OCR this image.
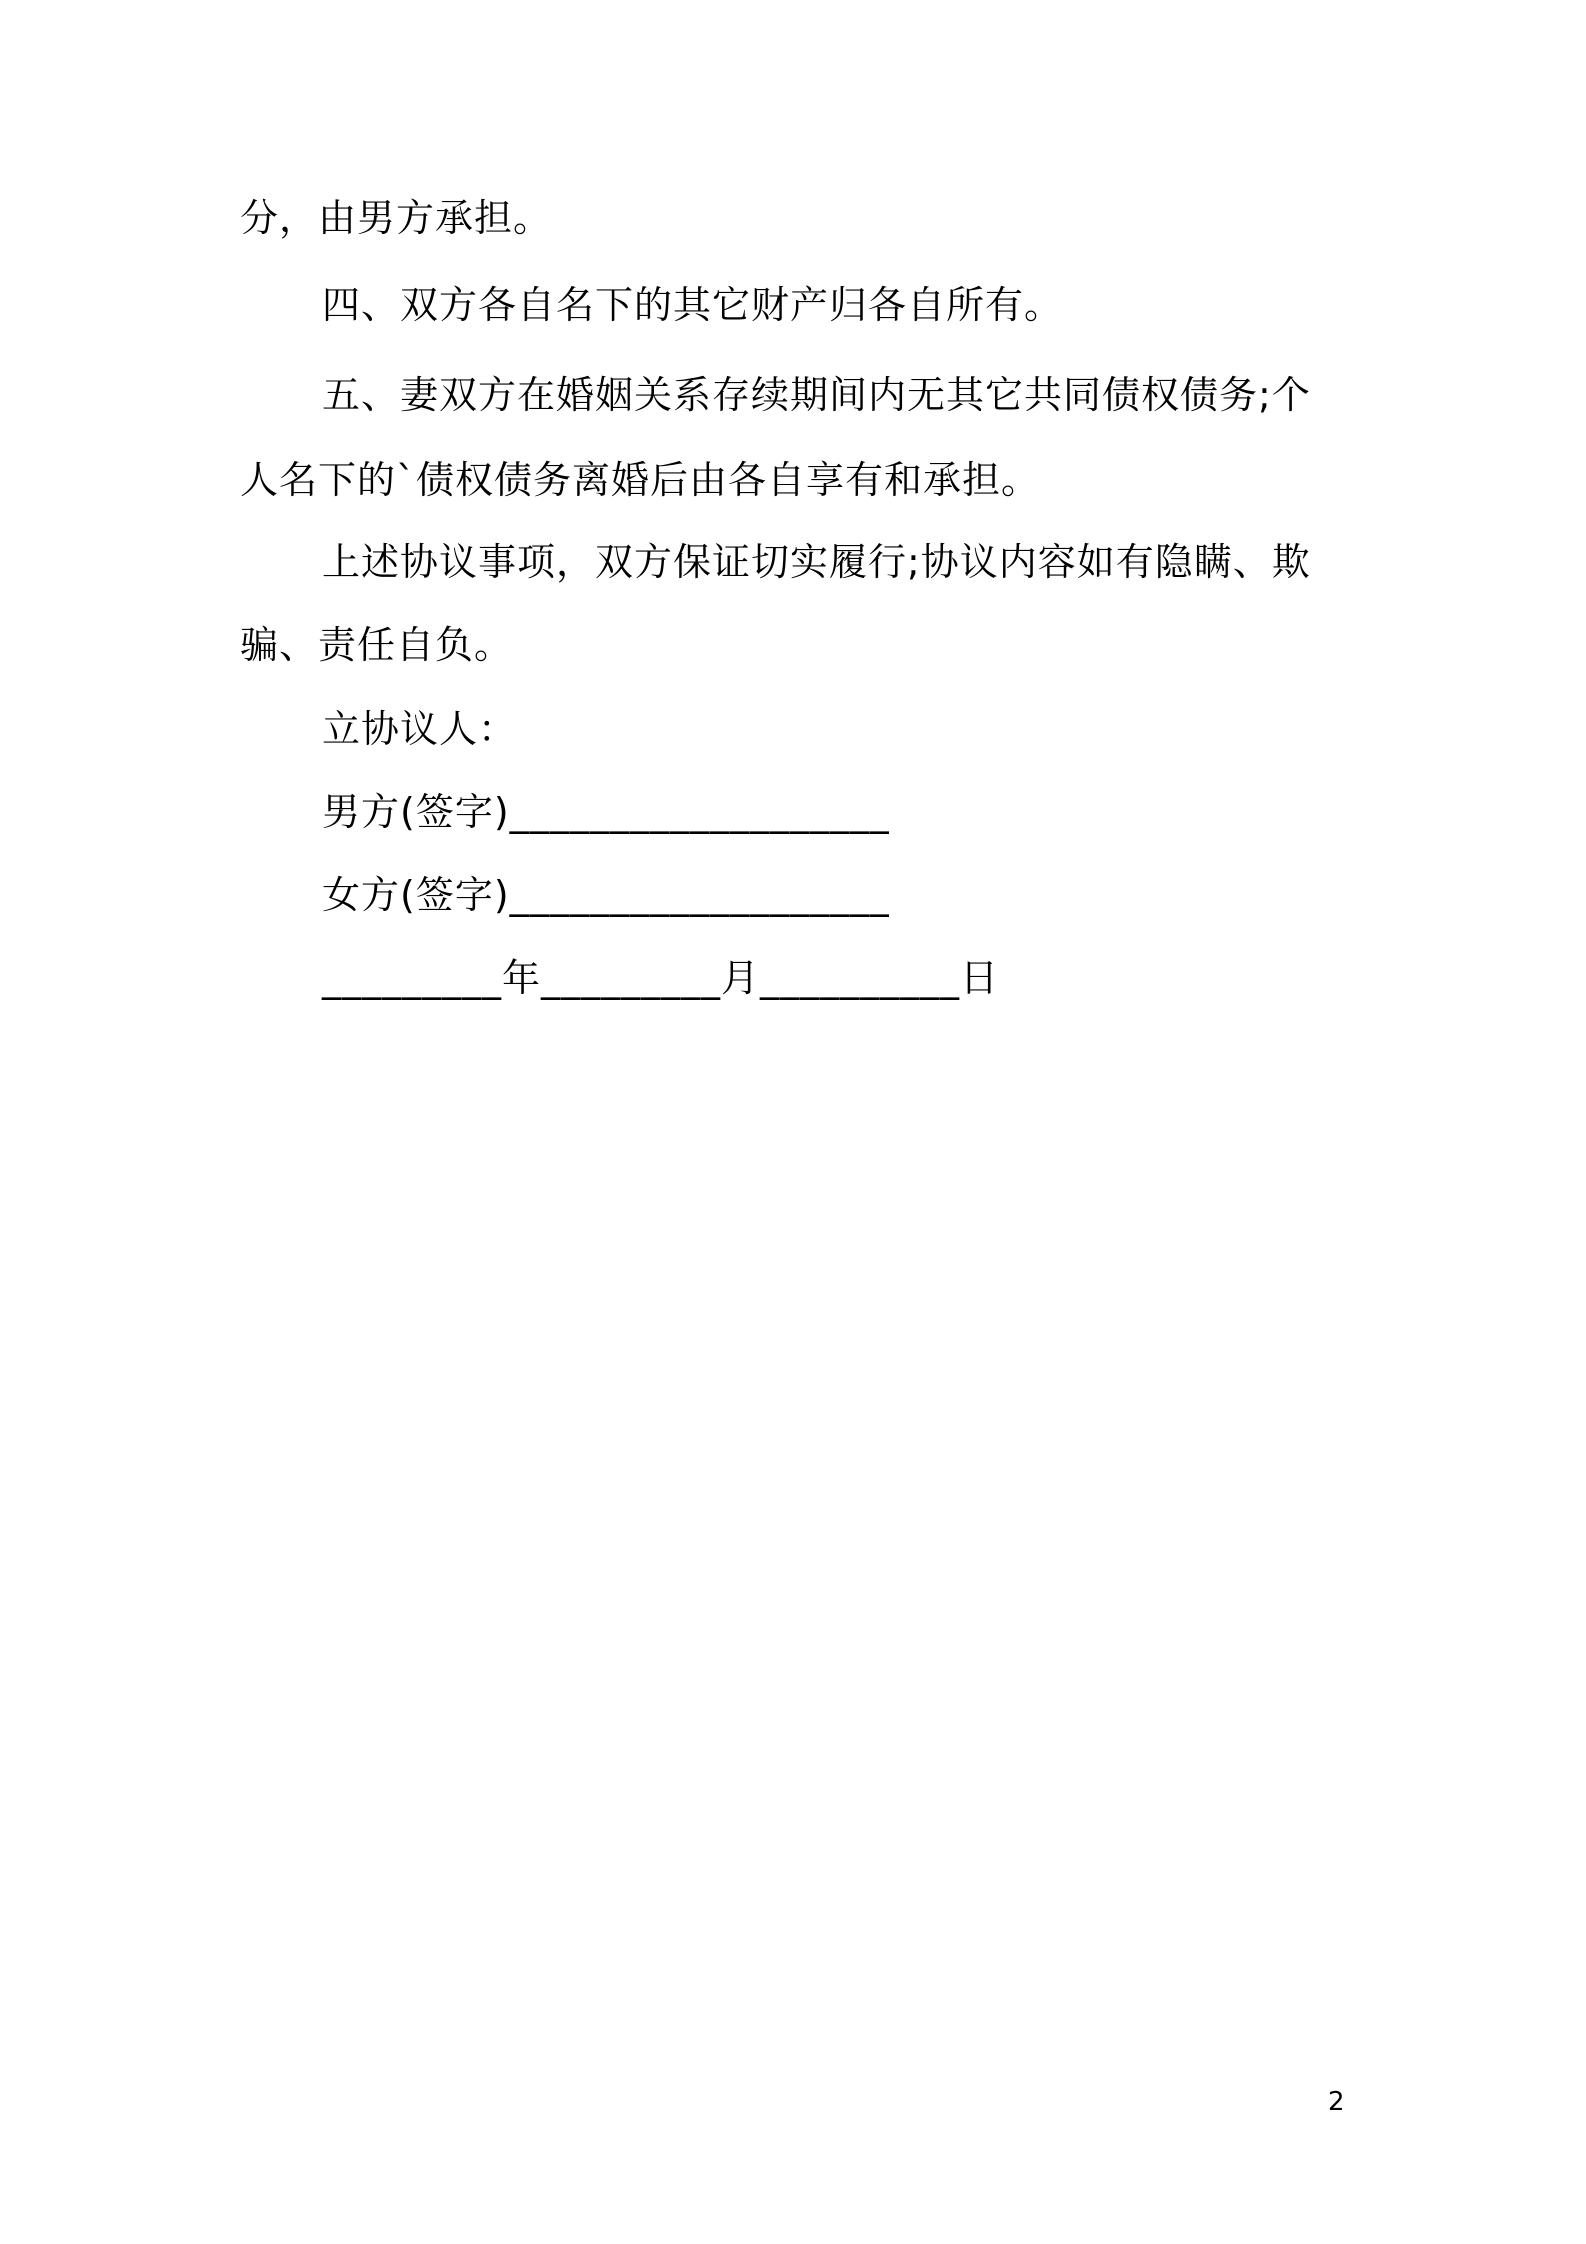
分，由男方承担。
四、双方各自名下的其它财产归各自所有。
五、妻双方在婚姻关系存续期间内无其它共同债权债务;个
人名下的`债权债务离婚后由各自享有和承担。
上述协议事项，双方保证切实履行;协议内容如有隐瞒、欺
骗、责任自负。
立协议人：
男方(签字)___________________
女方(签字)___________________
_________年_________月__________日
2
